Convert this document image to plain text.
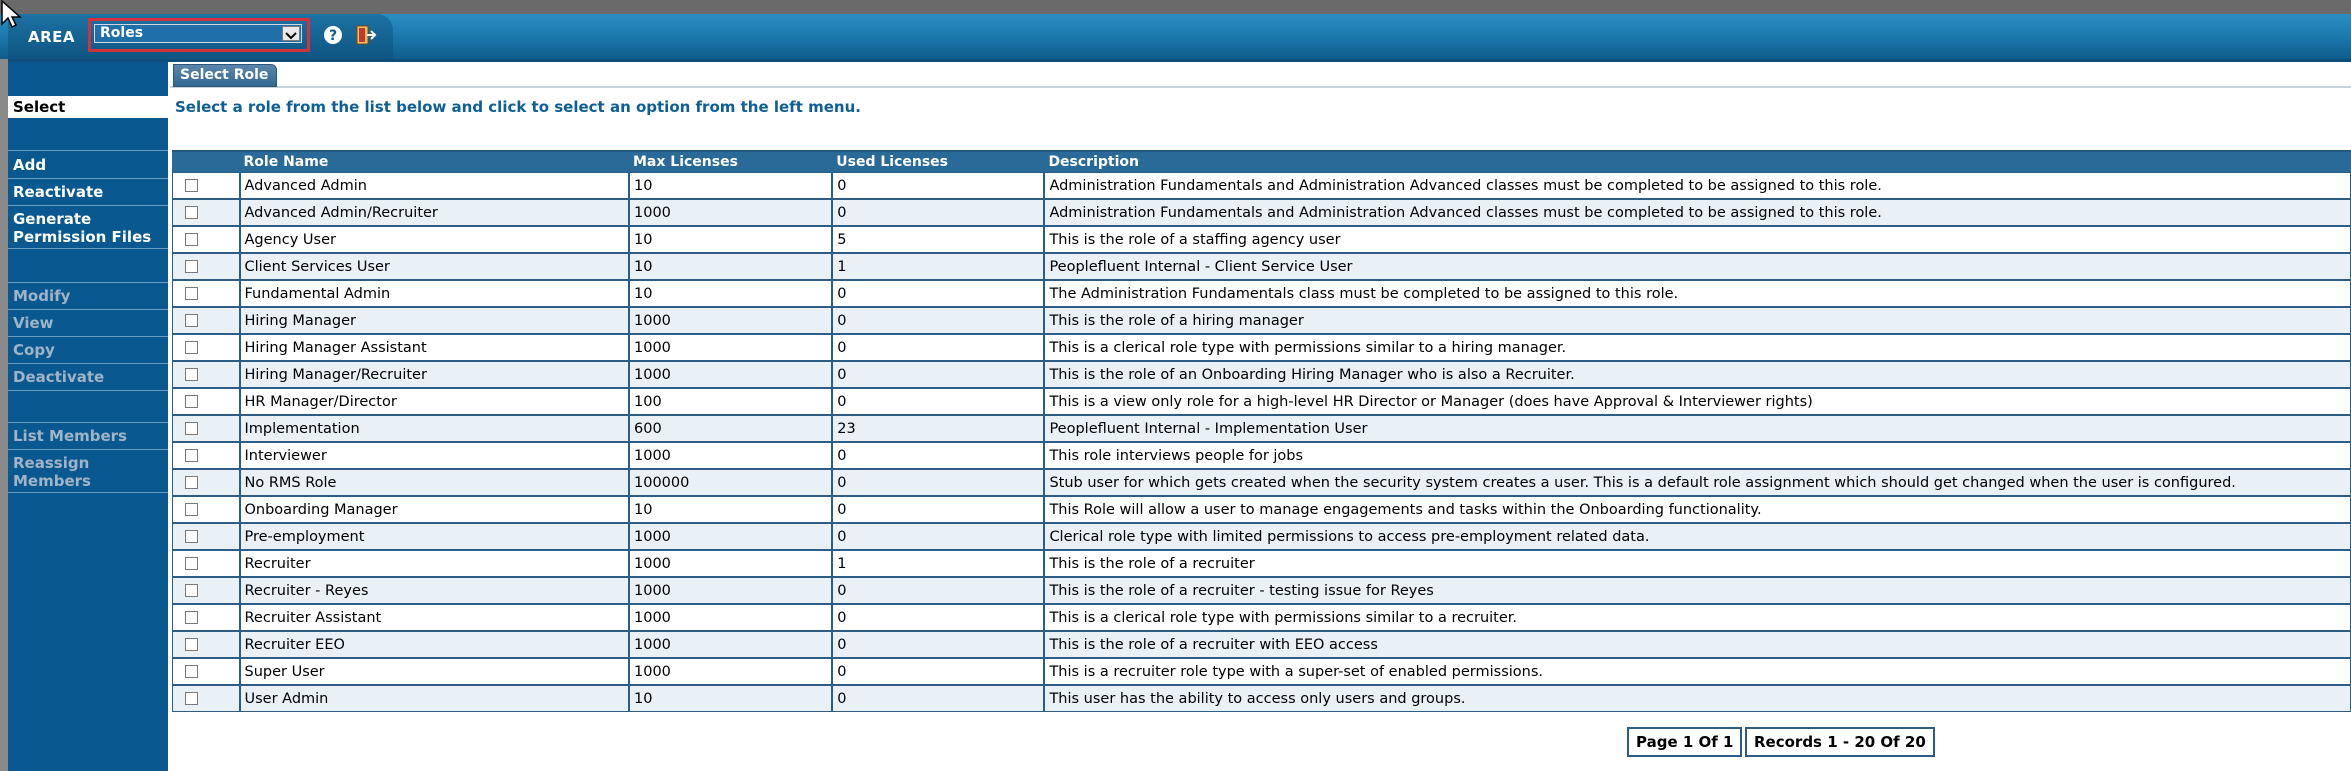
AREA Roles	?
Select
Add
Reactivate
Generate
Permission Files
Modify
View
Copy
Deactivate
List Members
Reassign
Members
Select Role
Select a role from the list below and click to select an option from the left menu.
	Role Name	Max Licenses	Used Licenses	Description
	Advanced Admin	10	0	Administration Fundamentals and Administration Advanced classes must be completed to be assigned to this role.
	Advanced Admin/Recruiter	1000	0	Administration Fundamentals and Administration Advanced classes must be completed to be assigned to this role.
	Agency User	10	5	This is the role of a staffing agency user
	Client Services User	10	1	Peoplefluent Internal - Client Service User
	Fundamental Admin	10	0	The Administration Fundamentals class must be completed to be assigned to this role.
	Hiring Manager	1000	0	This is the role of a hiring manager
	Hiring Manager Assistant	1000	0	This is a clerical role type with permissions similar to a hiring manager.
	Hiring Manager/Recruiter	1000	0	This is the role of an Onboarding Hiring Manager who is also a Recruiter.
	HR Manager/Director	100	0	This is a view only role for a high-level HR Director or Manager (does have Approval & Interviewer rights)
	Implementation	600	23	Peoplefluent Internal - Implementation User
	Interviewer	1000	0	This role interviews people for jobs
	No RMS Role	100000	0	Stub user for which gets created when the security system creates a user. This is a default role assignment which should get changed when the user is configured.
	Onboarding Manager	10	0	This Role will allow a user to manage engagements and tasks within the Onboarding functionality.
	Pre-employment	1000	0	Clerical role type with limited permissions to access pre-employment related data.
	Recruiter	1000	1	This is the role of a recruiter
	Recruiter - Reyes	1000	0	This is the role of a recruiter - testing issue for Reyes
	Recruiter Assistant	1000	0	This is a clerical role type with permissions similar to a recruiter.
	Recruiter EEO	1000	0	This is the role of a recruiter with EEO access
	Super User	1000	0	This is a recruiter role type with a super-set of enabled permissions.
	User Admin	10	0	This user has the ability to access only users and groups.
Page 1 Of 1	Records 1 - 20 Of 20
